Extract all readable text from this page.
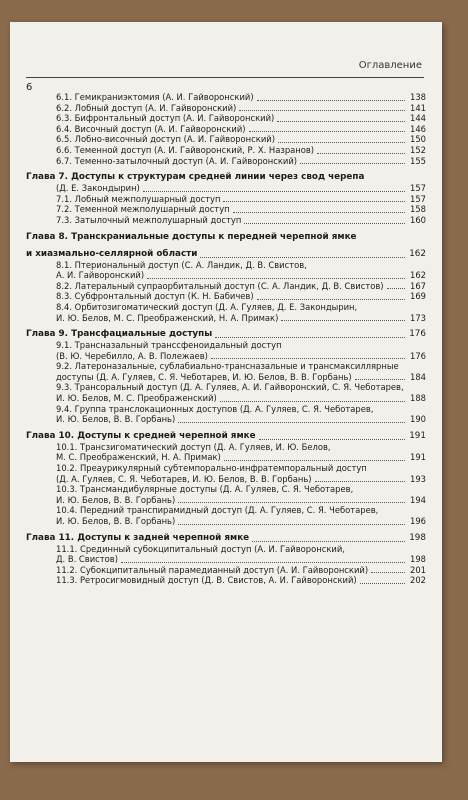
Оглавление
6
6.1. Гемикраниэктомия (А. И. Гайворонский)	138
6.2. Лобный доступ (А. И. Гайворонский)	141
6.3. Бифронтальный доступ (А. И. Гайворонский)	144
6.4. Височный доступ (А. И. Гайворонский)	146
6.5. Лобно-височный доступ (А. И. Гайворонский)	150
6.6. Теменной доступ (А. И. Гайворонский, Р. Х. Назранов)	152
6.7. Теменно-затылочный доступ (А. И. Гайворонский)	155
Глава 7. Доступы к структурам средней линии через свод черепа
(Д. Е. Закондырин)	157
7.1. Лобный межполушарный доступ	157
7.2. Теменной межполушарный доступ	158
7.3. Затылочный межполушарный доступ	160
Глава 8. Транскраниальные доступы к передней черепной ямке
и хиазмально-селлярной области	162
8.1. Птериональный доступ (С. А. Ландик, Д. В. Свистов,
А. И. Гайворонский)	162
8.2. Латеральный супраорбитальный доступ (С. А. Ландик, Д. В. Свистов)	167
8.3. Субфронтальный доступ (К. Н. Бабичев)	169
8.4. Орбитозигоматический доступ (Д. А. Гуляев, Д. Е. Закондырин,
И. Ю. Белов, М. С. Преображенский, Н. А. Примак)	173
Глава 9. Трансфациальные доступы	176
9.1. Трансназальный транссфеноидальный доступ
(В. Ю. Черебилло, А. В. Полежаев)	176
9.2. Латероназальные, сублабиально-трансназальные и трансмаксиллярные
доступы (Д. А. Гуляев, С. Я. Чеботарев, И. Ю. Белов, В. В. Горбань)	184
9.3. Трансоральный доступ (Д. А. Гуляев, А. И. Гайворонский, С. Я. Чеботарев,
И. Ю. Белов, М. С. Преображенский)	188
9.4. Группа транслокационных доступов (Д. А. Гуляев, С. Я. Чеботарев,
И. Ю. Белов, В. В. Горбань)	190
Глава 10. Доступы к средней черепной ямке	191
10.1. Трансзигоматический доступ (Д. А. Гуляев, И. Ю. Белов,
М. С. Преображенский, Н. А. Примак)	191
10.2. Преаурикулярный субтемпорально-инфратемпоральный доступ
(Д. А. Гуляев, С. Я. Чеботарев, И. Ю. Белов, В. В. Горбань)	193
10.3. Трансмандибулярные доступы (Д. А. Гуляев, С. Я. Чеботарев,
И. Ю. Белов, В. В. Горбань)	194
10.4. Передний транспирамидный доступ (Д. А. Гуляев, С. Я. Чеботарев,
И. Ю. Белов, В. В. Горбань)	196
Глава 11. Доступы к задней черепной ямке	198
11.1. Срединный субокципитальный доступ (А. И. Гайворонский,
Д. В. Свистов)	198
11.2. Субокципитальный парамедианный доступ (А. И. Гайворонский)	201
11.3. Ретросигмовидный доступ (Д. В. Свистов, А. И. Гайворонский)	202
